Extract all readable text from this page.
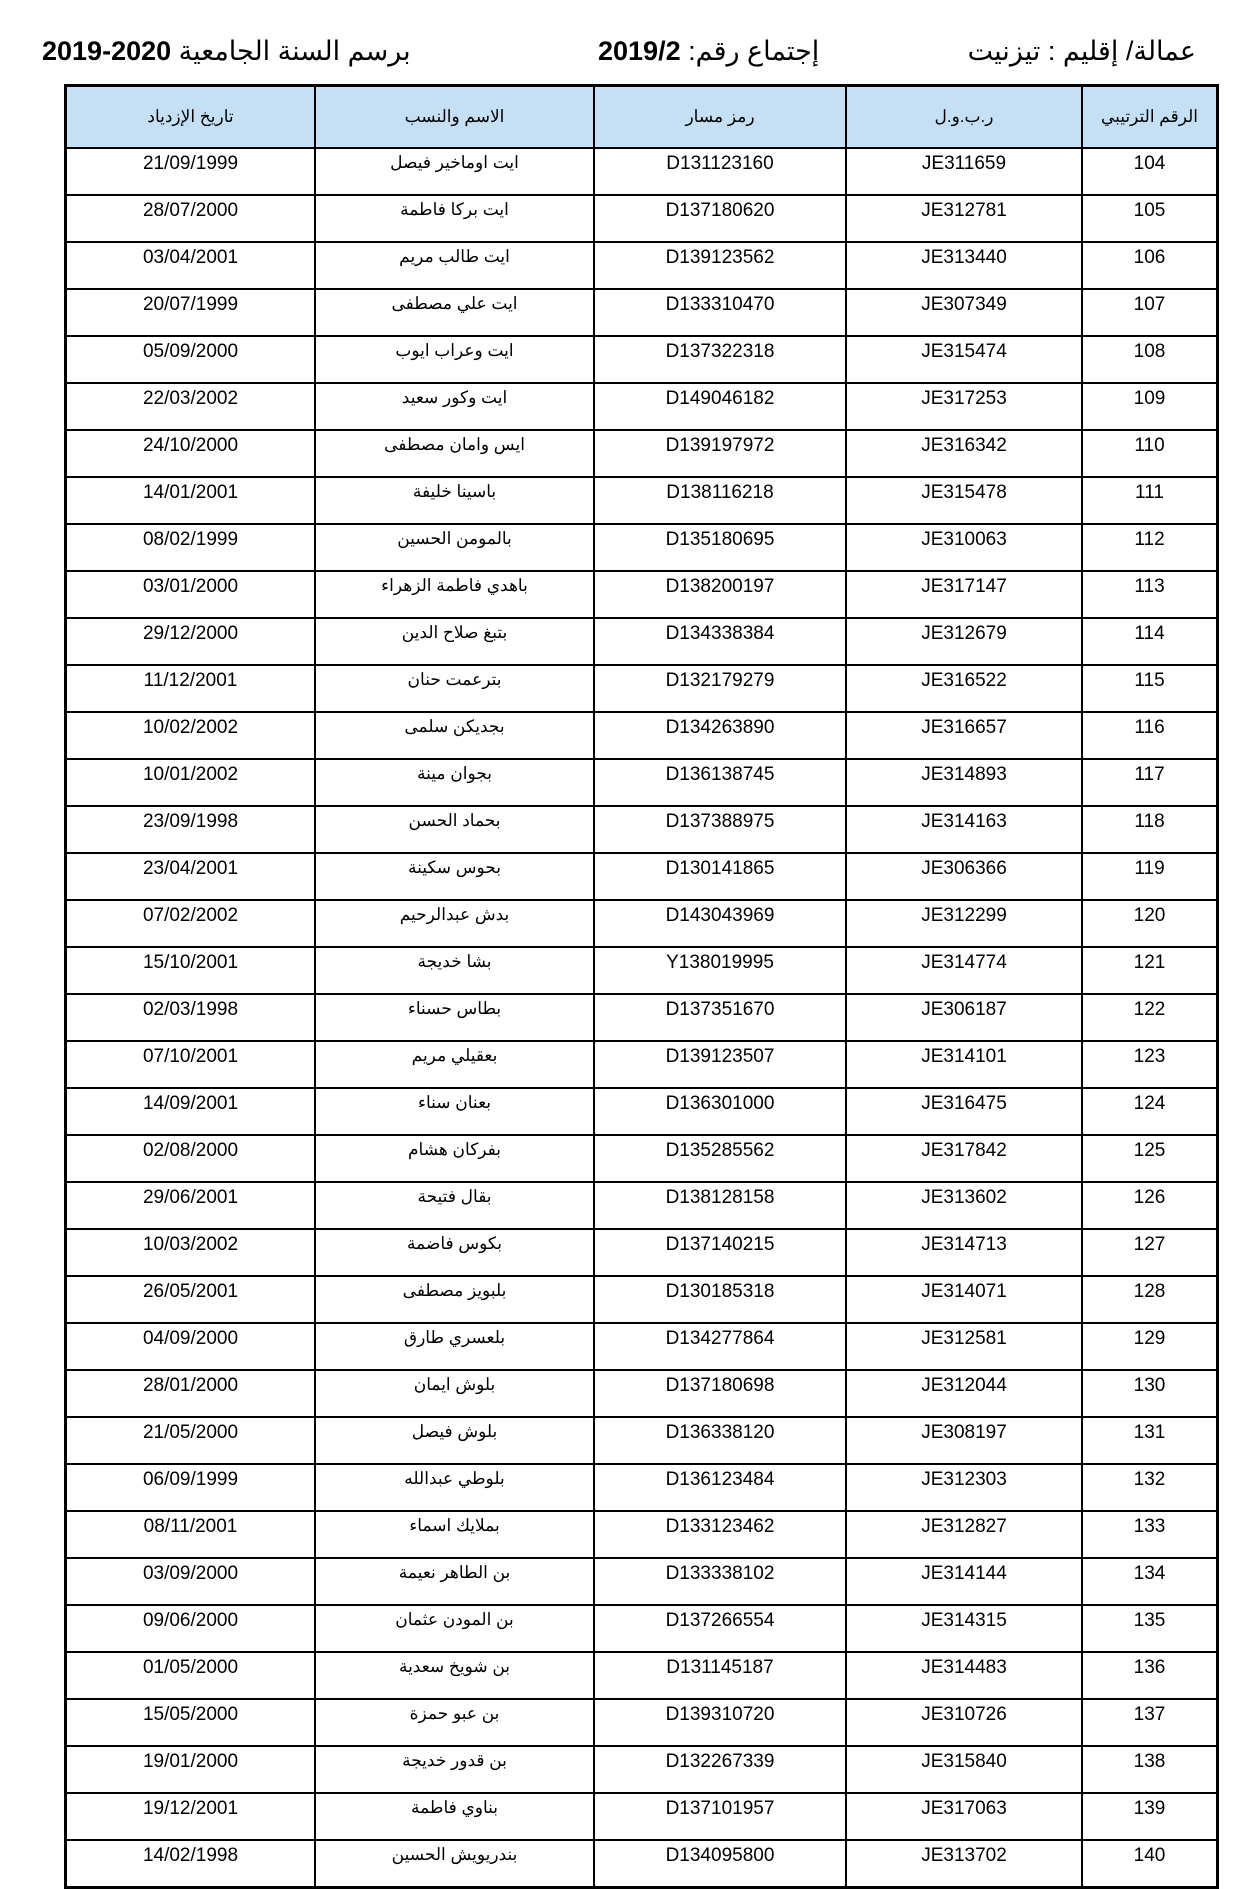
عمالة/ إقليم : تيزنيت
إجتماع رقم: 2019/2
برسم السنة الجامعية 2020-2019
الرقم الترتيبي	ر.ب.و.ل	رمز مسار	الاسم والنسب	تاريخ الإزدياد
104	JE311659	D131123160	ايت اوماخير فيصل	21/09/1999
105	JE312781	D137180620	ايت بركا فاطمة	28/07/2000
106	JE313440	D139123562	ايت طالب مريم	03/04/2001
107	JE307349	D133310470	ايت علي مصطفى	20/07/1999
108	JE315474	D137322318	ايت وعراب ايوب	05/09/2000
109	JE317253	D149046182	ايت وكور سعيد	22/03/2002
110	JE316342	D139197972	ايس وامان مصطفى	24/10/2000
111	JE315478	D138116218	باسينا خليفة	14/01/2001
112	JE310063	D135180695	بالمومن الحسين	08/02/1999
113	JE317147	D138200197	باهدي فاطمة الزهراء	03/01/2000
114	JE312679	D134338384	بتبغ صلاح الدين	29/12/2000
115	JE316522	D132179279	بترعمت حنان	11/12/2001
116	JE316657	D134263890	بجديكن سلمى	10/02/2002
117	JE314893	D136138745	بجوان مينة	10/01/2002
118	JE314163	D137388975	بحماد الحسن	23/09/1998
119	JE306366	D130141865	بحوس سكينة	23/04/2001
120	JE312299	D143043969	بدش عبدالرحيم	07/02/2002
121	JE314774	Y138019995	بشا خديجة	15/10/2001
122	JE306187	D137351670	بطاس حسناء	02/03/1998
123	JE314101	D139123507	بعقيلي مريم	07/10/2001
124	JE316475	D136301000	بعنان سناء	14/09/2001
125	JE317842	D135285562	بفركان هشام	02/08/2000
126	JE313602	D138128158	بقال فتيحة	29/06/2001
127	JE314713	D137140215	بكوس فاضمة	10/03/2002
128	JE314071	D130185318	بلبويز مصطفى	26/05/2001
129	JE312581	D134277864	بلعسري طارق	04/09/2000
130	JE312044	D137180698	بلوش ايمان	28/01/2000
131	JE308197	D136338120	بلوش فيصل	21/05/2000
132	JE312303	D136123484	بلوطي عبدالله	06/09/1999
133	JE312827	D133123462	بملايك اسماء	08/11/2001
134	JE314144	D133338102	بن الطاهر نعيمة	03/09/2000
135	JE314315	D137266554	بن المودن عثمان	09/06/2000
136	JE314483	D131145187	بن شويخ سعدية	01/05/2000
137	JE310726	D139310720	بن عبو حمزة	15/05/2000
138	JE315840	D132267339	بن قدور خديجة	19/01/2000
139	JE317063	D137101957	بناوي فاطمة	19/12/2001
140	JE313702	D134095800	بندريويش الحسين	14/02/1998
